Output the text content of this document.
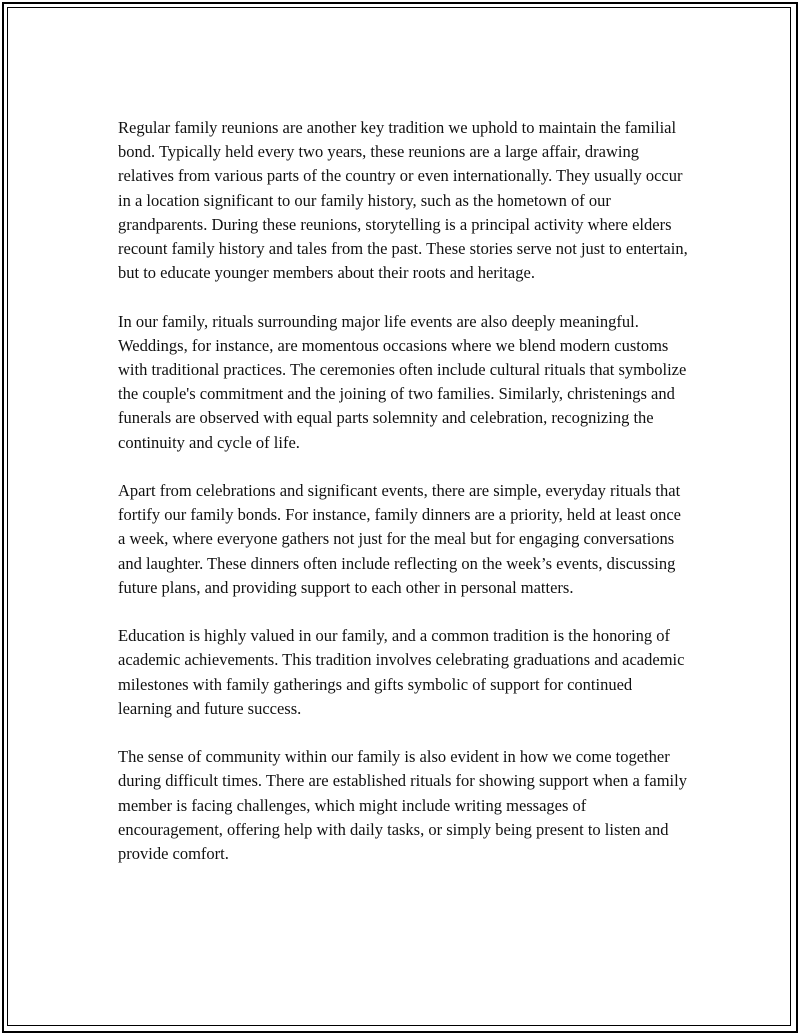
Regular family reunions are another key tradition we uphold to maintain the familial bond. Typically held every two years, these reunions are a large affair, drawing relatives from various parts of the country or even internationally. They usually occur in a location significant to our family history, such as the hometown of our grandparents. During these reunions, storytelling is a principal activity where elders recount family history and tales from the past. These stories serve not just to entertain, but to educate younger members about their roots and heritage.

In our family, rituals surrounding major life events are also deeply meaningful. Weddings, for instance, are momentous occasions where we blend modern customs with traditional practices. The ceremonies often include cultural rituals that symbolize the couple's commitment and the joining of two families. Similarly, christenings and funerals are observed with equal parts solemnity and celebration, recognizing the continuity and cycle of life.

Apart from celebrations and significant events, there are simple, everyday rituals that fortify our family bonds. For instance, family dinners are a priority, held at least once a week, where everyone gathers not just for the meal but for engaging conversations and laughter. These dinners often include reflecting on the week’s events, discussing future plans, and providing support to each other in personal matters.

Education is highly valued in our family, and a common tradition is the honoring of academic achievements. This tradition involves celebrating graduations and academic milestones with family gatherings and gifts symbolic of support for continued learning and future success.

The sense of community within our family is also evident in how we come together during difficult times. There are established rituals for showing support when a family member is facing challenges, which might include writing messages of encouragement, offering help with daily tasks, or simply being present to listen and provide comfort.
